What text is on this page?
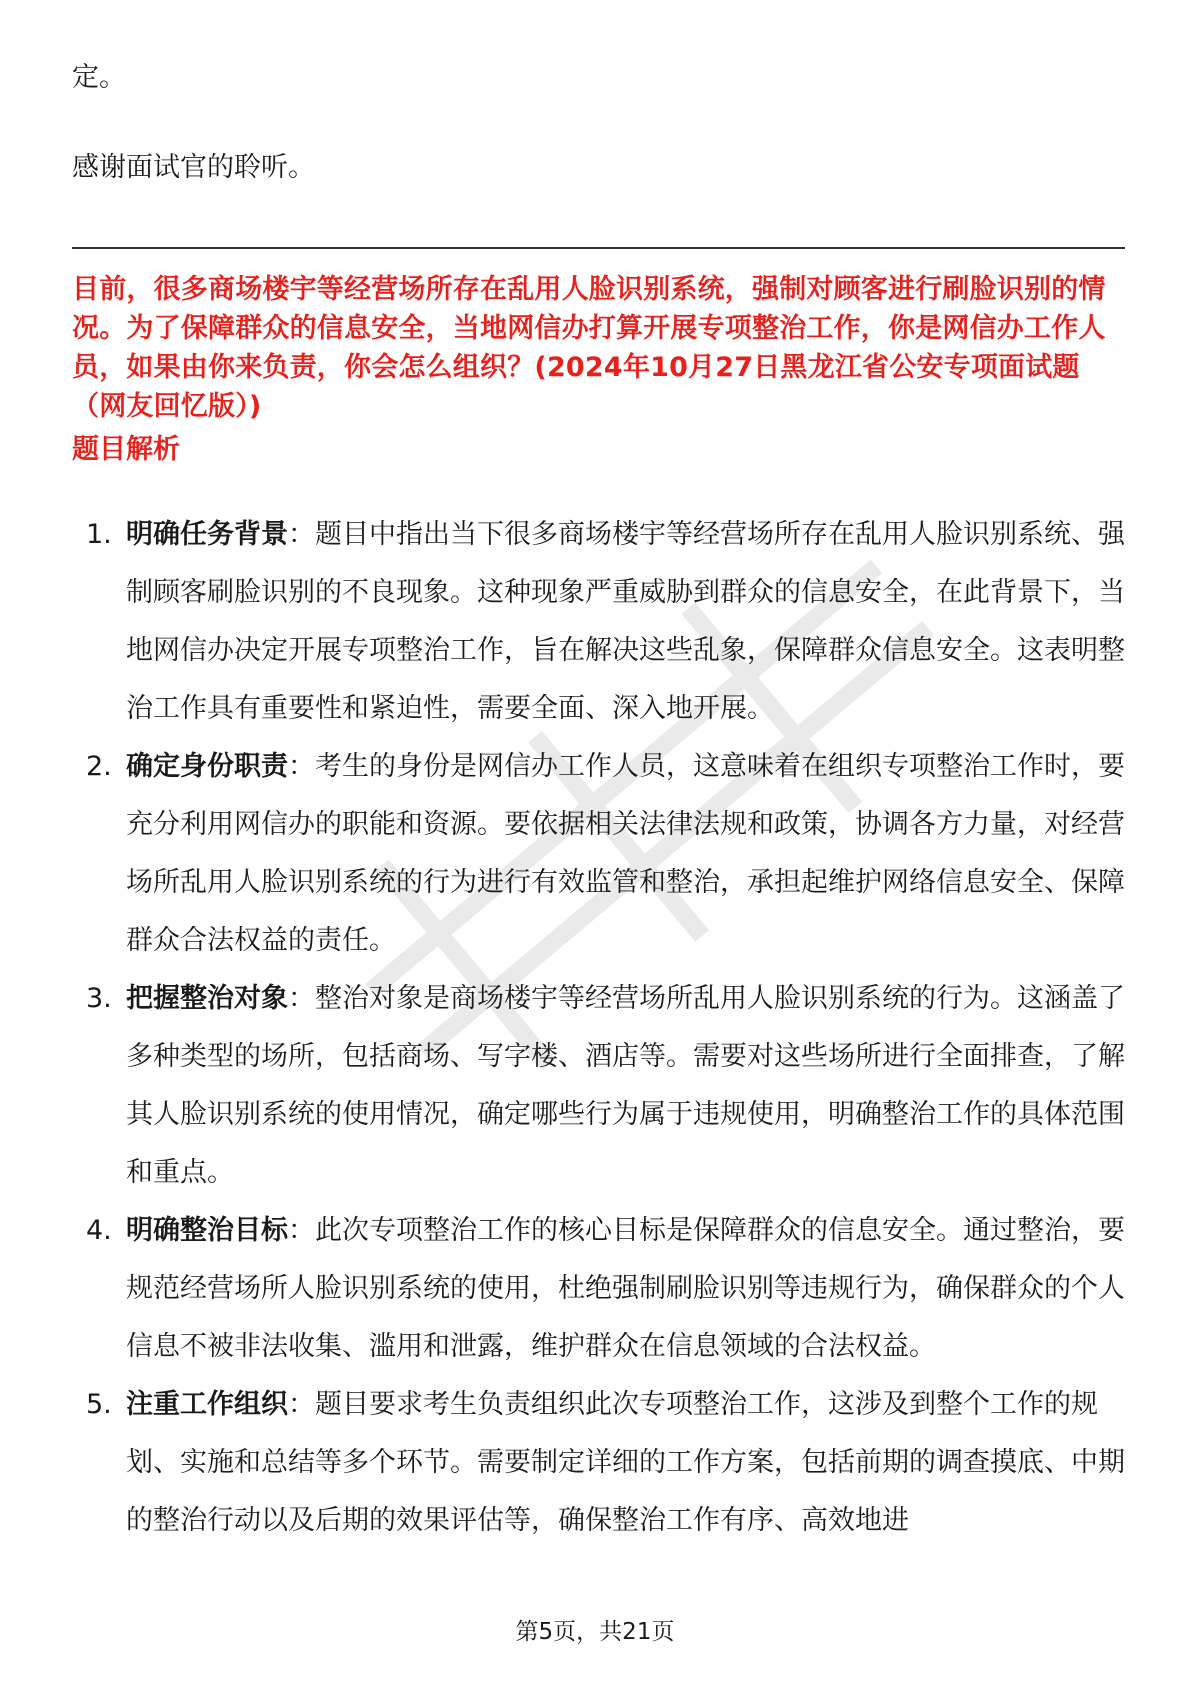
定。
感谢面试官的聆听。
目前，很多商场楼宇等经营场所存在乱用人脸识别系统，强制对顾客进行刷脸识别的情况。为了保障群众的信息安全，当地网信办打算开展专项整治工作，你是网信办工作人员，如果由你来负责，你会怎么组织？(2024年10月27日黑龙江省公安专项面试题（网友回忆版）)
题目解析
1. 明确任务背景：题目中指出当下很多商场楼宇等经营场所存在乱用人脸识别系统、强制顾客刷脸识别的不良现象。这种现象严重威胁到群众的信息安全，在此背景下，当地网信办决定开展专项整治工作，旨在解决这些乱象，保障群众信息安全。这表明整治工作具有重要性和紧迫性，需要全面、深入地开展。
2. 确定身份职责：考生的身份是网信办工作人员，这意味着在组织专项整治工作时，要充分利用网信办的职能和资源。要依据相关法律法规和政策，协调各方力量，对经营场所乱用人脸识别系统的行为进行有效监管和整治，承担起维护网络信息安全、保障群众合法权益的责任。
3. 把握整治对象：整治对象是商场楼宇等经营场所乱用人脸识别系统的行为。这涵盖了多种类型的场所，包括商场、写字楼、酒店等。需要对这些场所进行全面排查，了解其人脸识别系统的使用情况，确定哪些行为属于违规使用，明确整治工作的具体范围和重点。
4. 明确整治目标：此次专项整治工作的核心目标是保障群众的信息安全。通过整治，要规范经营场所人脸识别系统的使用，杜绝强制刷脸识别等违规行为，确保群众的个人信息不被非法收集、滥用和泄露，维护群众在信息领域的合法权益。
5. 注重工作组织：题目要求考生负责组织此次专项整治工作，这涉及到整个工作的规划、实施和总结等多个环节。需要制定详细的工作方案，包括前期的调查摸底、中期的整治行动以及后期的效果评估等，确保整治工作有序、高效地进
第5页，共21页
